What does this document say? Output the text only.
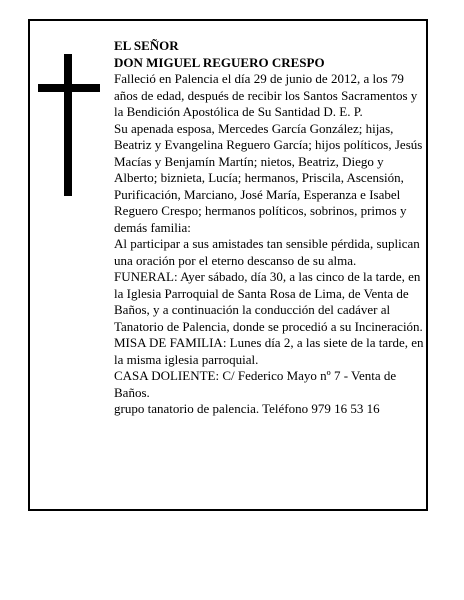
EL SEÑOR

DON MIGUEL REGUERO CRESPO

Falleció en Palencia el día 29 de junio de 2012, a los 79 años de edad, después de recibir los Santos Sacramentos y la Bendición Apostólica de Su Santidad D. E. P.

Su apenada esposa, Mercedes García González; hijas, Beatriz y Evangelina Reguero García; hijos políticos, Jesús Macías y Benjamín Martín; nietos, Beatriz, Diego y Alberto; biznieta, Lucía; hermanos, Priscila, Ascensión, Purificación, Marciano, José María, Esperanza e Isabel Reguero Crespo; hermanos políticos, sobrinos, primos y demás familia:

Al participar a sus amistades tan sensible pérdida, suplican una oración por el eterno descanso de su alma.

FUNERAL: Ayer sábado, día 30, a las cinco de la tarde, en la Iglesia Parroquial de Santa Rosa de Lima, de Venta de Baños, y a continuación la conducción del cadáver al Tanatorio de Palencia, donde se procedió a su Incineración.

MISA DE FAMILIA: Lunes día 2, a las siete de la tarde, en la misma iglesia parroquial.

CASA DOLIENTE: C/ Federico Mayo nº 7 - Venta de Baños.

grupo tanatorio de palencia. Teléfono 979 16 53 16
